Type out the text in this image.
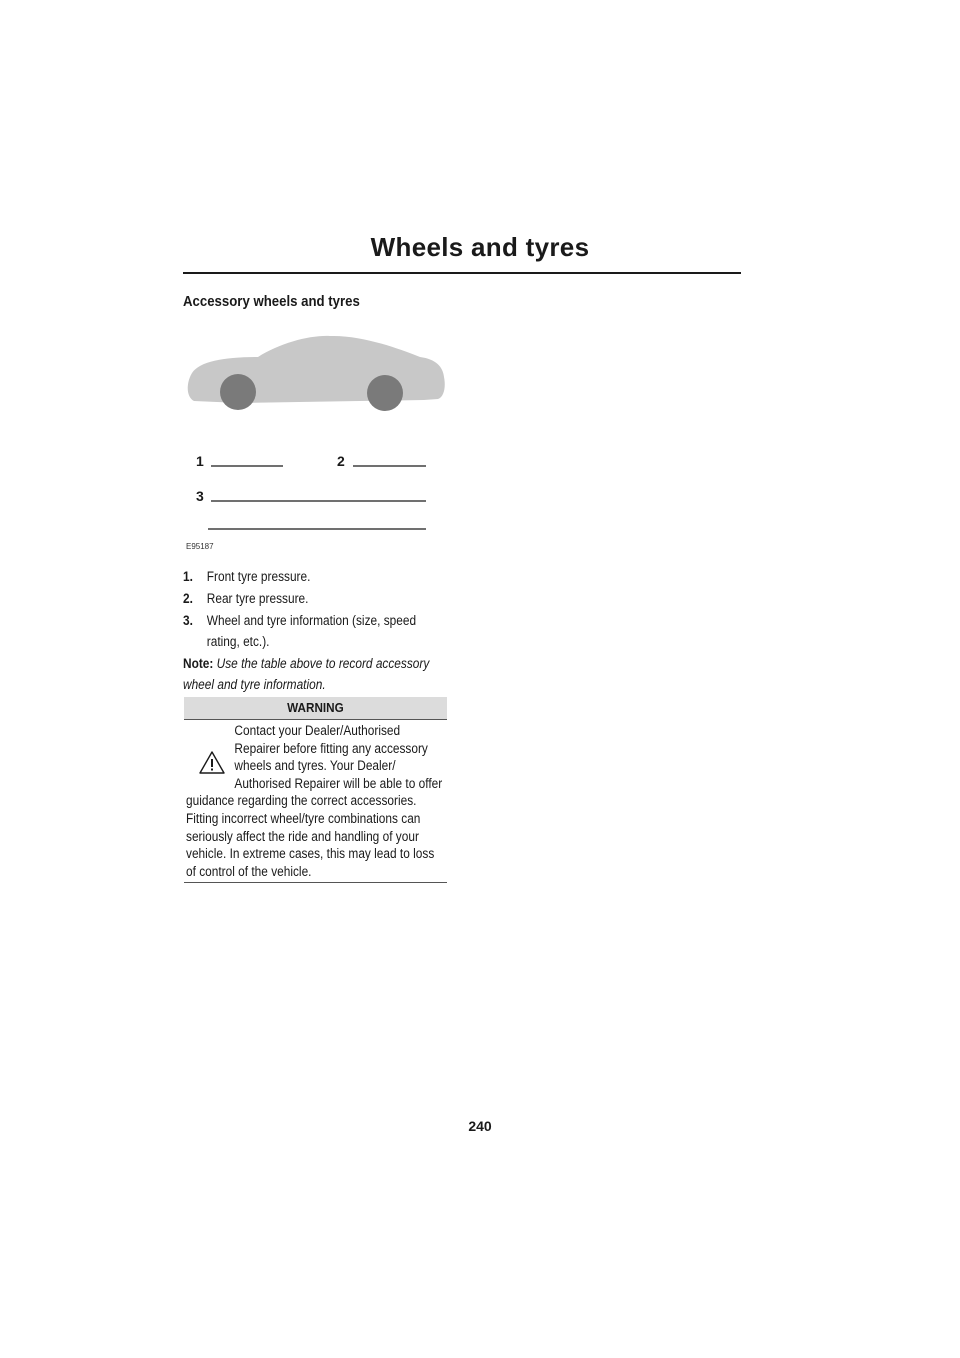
Wheels and tyres
Accessory wheels and tyres
1	2
3
E95187
1. Front tyre pressure.
2. Rear tyre pressure.
3. Wheel and tyre information (size, speed rating, etc.).
Note: Use the table above to record accessory wheel and tyre information.
WARNING
Contact your Dealer/Authorised Repairer before fitting any accessory wheels and tyres. Your Dealer/ Authorised Repairer will be able to offer guidance regarding the correct accessories. Fitting incorrect wheel/tyre combinations can seriously affect the ride and handling of your vehicle. In extreme cases, this may lead to loss of control of the vehicle.
240
